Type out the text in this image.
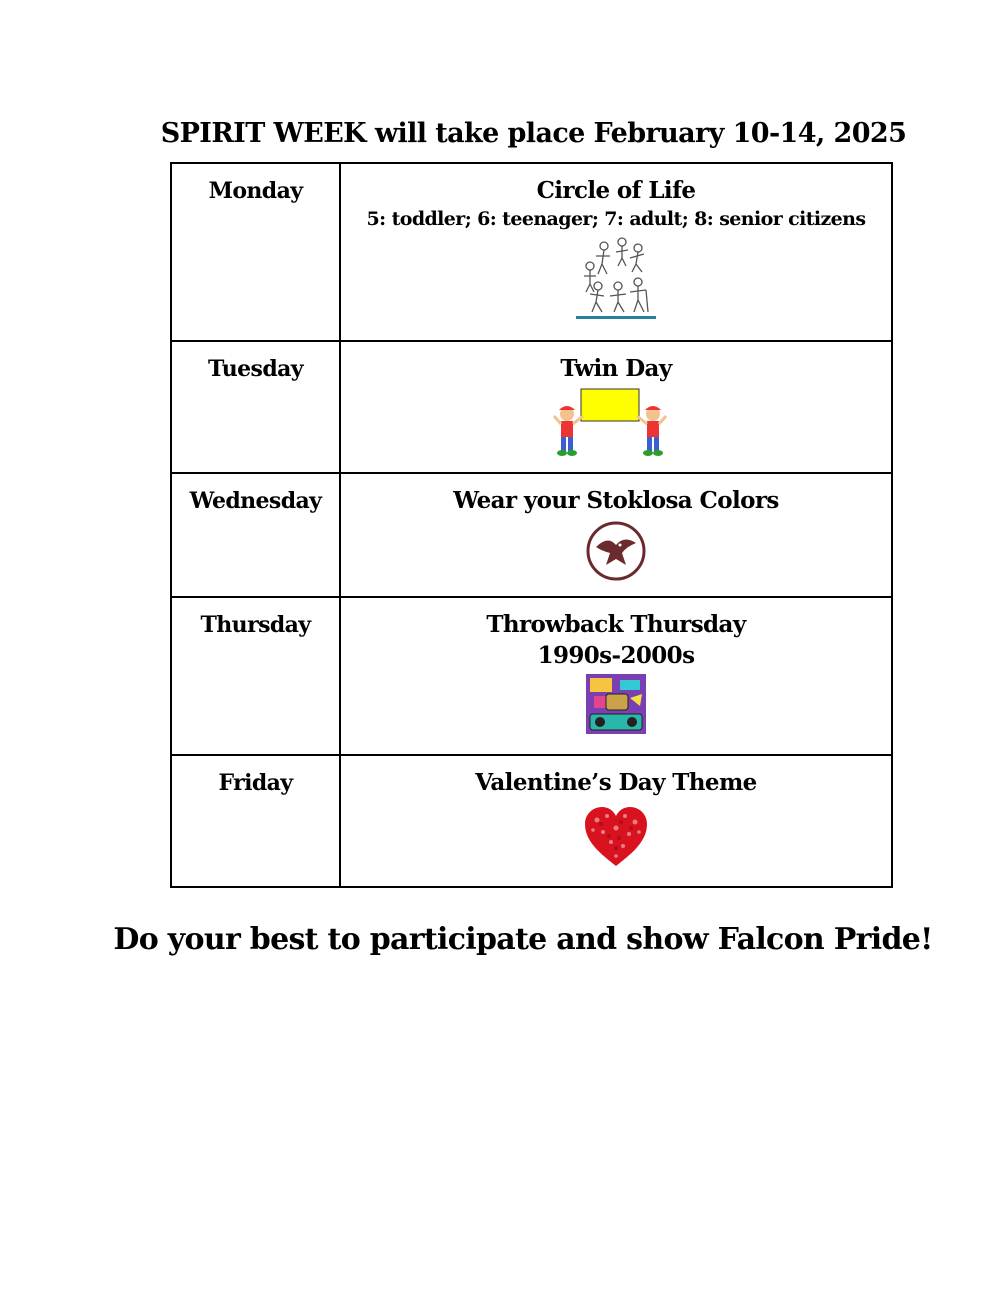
SPIRIT WEEK will take place February 10-14, 2025
Monday	Circle of Life
5: toddler; 6: teenager; 7: adult; 8: senior citizens

Tuesday	Twin Day

Wednesday	Wear your Stoklosa Colors

Thursday	Throwback Thursday
1990s-2000s

Friday	Valentine’s Day Theme
Do your best to participate and show Falcon Pride!
